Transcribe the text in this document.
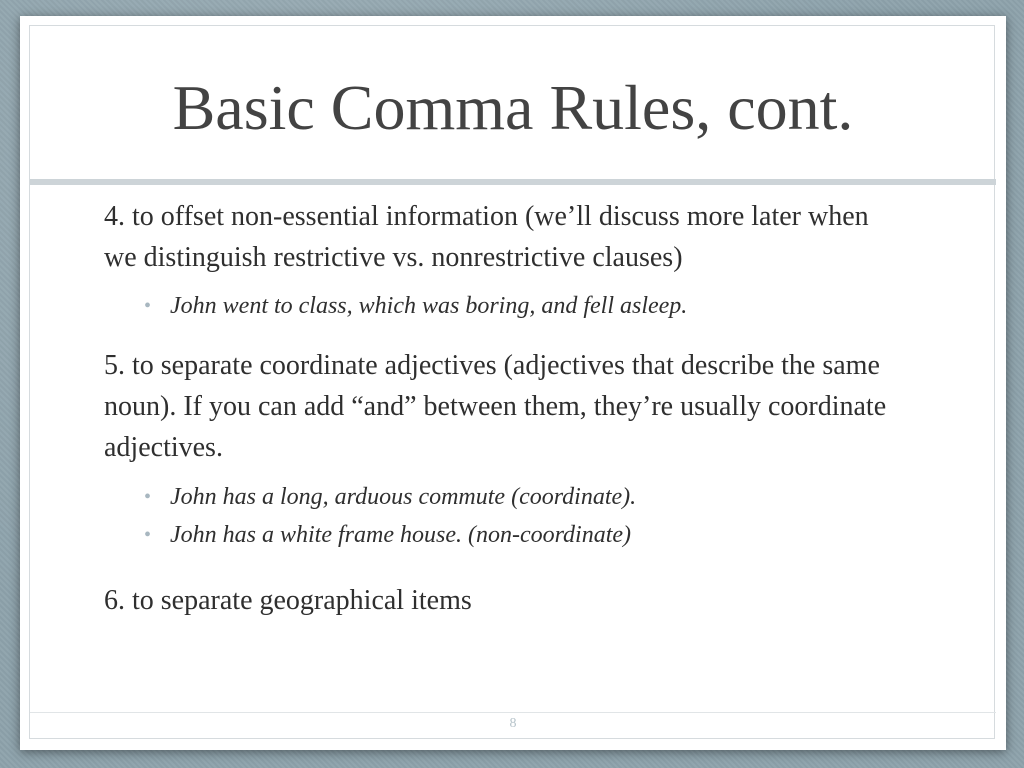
Basic Comma Rules, cont.

4. to offset non-essential information (we’ll discuss more later when we distinguish restrictive vs. nonrestrictive clauses)

• John went to class, which was boring, and fell asleep.

5. to separate coordinate adjectives (adjectives that describe the same noun). If you can add “and” between them, they’re usually coordinate adjectives.

• John has a long, arduous commute (coordinate).

• John has a white frame house. (non-coordinate)

6. to separate geographical items

8
